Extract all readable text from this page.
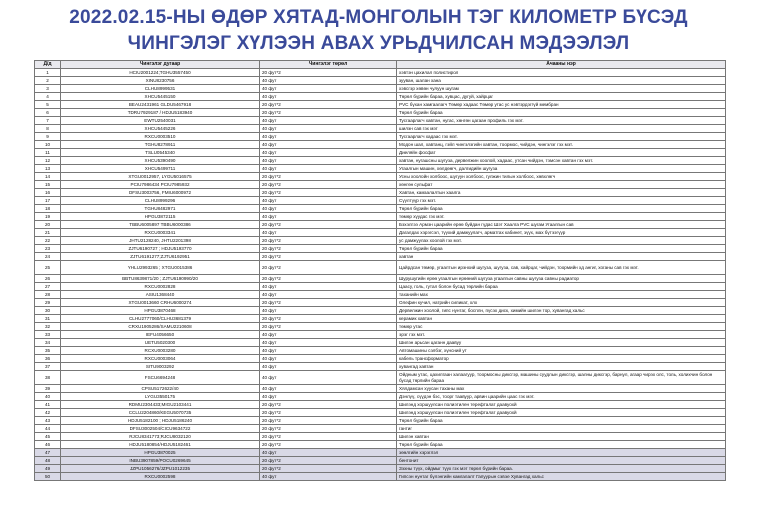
2022.02.15-НЫ ӨДӨР ХЯТАД-МОНГОЛЫН ТЭГ КИЛОМЕТР БҮСЭД
ЧИНГЭЛЭГ ХҮЛЭЭН АВАХ УРЬДЧИЛСАН МЭДЭЭЛЭЛ
Д/д	Чингэлэг дугаар	Чингэлэг төрөл	Ачааны нэр
1	HCIU2001224;TGHU3557450	20 фут*2	хэвтэн цахилал полистирол
2	XINU8230756	40 фут	зууван, шалан хана
3	CLHU8999531	40 фут	хэвсгэр хөвөн чулуун шугам
4	XHCU5445150	40 фут	Төрөл бүрийн бараа, хувцас, дугуй, хайрцаг
5	BEAU2431961 GLDU5467918	20 фут*2	PVC бүхан хамгаалагч Төмөр хадаас Төмөр утас ус нэвтэрдэггүй мембран
6	TDRU7929187 / HDJU5183940	20 фут*2	Төрөл бүрийн бараа
7	EWTU2540031	40 фут	Тусгаарлагч хавтан, нугас, хөнгөн цагаан профиль гэх мэт.
8	XHCU5445226	40 фут	шилэн сав гэх мэт
9	RXCU0003510	40 фут	Тусгаарлагч хадаас гэх мэт.
10	TGHU8278911	40 фут	Модон шал, хавтанц, гэйл чингэлэгийн хавтан, тоормос, чийдэн, чингэлэг гэх мэт.
11	TSLU0545340	40 фут	Диеляйн фосфат
12	XHCU5390490	40 фут	хавтан, нугашсны шугуза, дервелжин хоолой, хадаас, утсан чийдэн, тэмсэн хавтан гэх мэт.
13	XHCU5499711	40 фут	Угаалгын машин, хөлдөөгч, далгидийн шугуза
14	XTGU0012957, LYGU5016575	20 фут*2	Усны хоолойн холбоос, шугуун холбоос, гулжин тилын холбоос, хөвхлөгч
15	PCIU7986434 PCIU7985932	20 фут*2	хөнгөн сульфат
16	DFSU3003756, FMIU6000972	20 фут*2	Хавтан, камзалалтын хаалга
17	CLHU8999296	40 фут	Сүүлтүүр гэх мэт.
18	TGHU8482971	40 фут	Төрөл бүрийн бараа
19	HPGU3872115	40 фут	төмөр хүудас гэх мэт.
20	TBBU6005897 TBBU6000386	20 фут*2	Бэхэлгээ Армэн цаарийн ерөө буйдан гүдас Шэт Хаалга PVC шугам Угаалгын сав
21	RXCU0003341	40 фут	Дагалдах хэрэгсэл, түүхий дамжуулагч, арматгах кабинет, зүүх, мах бүтээгүүр
22	JHTU2128240, JHTU2201398	20 фут*2	ус дамжуулах хоолой гэх мэт.
23	ZJTU6190727 ; HDJU5193770	20 фут*2	Төрөл бүрийн бараа
24	ZJTU6191277;ZJTU6192951	20 фут*2	хавтан
25	YHLU2993265 ; XTGU0015386	20 фут*2	Цайрдсан төмөр, угаалтын ирэнхий шугуза, шугуза, сав, хайрцаг, чийдэн, тоормийн хд ангиг, хоганы сав гэх мэт.
26	BBTU8639871/20 ; ZJTU6190990/20	20 фут*2	Шурушугийн ерөө угаалгын ерөөний шугуза угаалгын савны шугуза савны радиатор
27	RXCU0002828	40 фут	Цаасу, голь, гутал болон бусад төрлийн бараа
28	ASIU1368440	40 фут	таханийн мах
29	XTGU0013660 CRHU6000274	20 фут*2	Олефин кучил, натрийн силикат, хлх
30	HPGU3870468	40 фут	Дервелжин хоолой, гипс нунтаг, босплн, пүсэх диск, химийн шилэн тор, хувангад хальс
31	CLHU2777060/CLHU3681379	20 фут*2	керамик хавтан
32	CRXU1905286/SAMU2210608	20 фут*2	төмөр утас
33	IEFU4056650	40 фут	эрэг гэх мэт.
34	UETU5020300	40 фут	Шилэн арьсан цаганн даавуу
35	RCXU0003280	40 фут	Автомашины сэлбэг, хүнсний ут
36	RXCU0003064	40 фут	кабель трансформатор
37	SITU9003292	40 фут	хувангад хавтан
38	FSCU6694248	40 фут	Ойдным утас, цахилгаан халаагуур, тоормосны диксгэр, машины суудлын диксгэр, шалны диксгэр, барнул, агаар чирэх олс, толь, холихчин болон бусад төрлийн бараа
39	CPSU5172622/40	40 фут	Хялдамсан хуусан таханы мах
40	LYGU3550175	40 фут	Дэнлүү, сүүдэн бэс, тоорг таавуур, арвин цаарийн цаас гэх мэт.
41	RDMU2304433;MIGU2103441	20 фут*2	Шилэнд хоршуулсан полиэтилен терефталат даавуохй
42	CCLU2204860/KEGU5070735	20 фут*2	Шилэнд хоршуулсан полиэтилен терефталат даавуохй
43	HDJU5182100 ; HDJU5186240	20 фут*2	Төрөл бүрийн бараа
44	DFSU3002504/CICU9634722	20 фут*2	гантиг
45	RJCU8341773;RJCU8032120	20 фут*2	Шилэн хавтан
46	HDJU5180854/HDJU5182461	20 фут*2	Төрөл бүрийн бараа
47	HPGU3870025	40 фут	зөөлгийн хэрэглэл
48	INBU3907859/POCU0269645	20 фут*2	бентонит
49	JZPU1056276/JZPU1012235	20 фут*2	Зэхны түүх, ойдмыг түүх гэх мэт төрөл бүрийн бараа.
50	RXCU0002598	40 фут	Гипсэн нунтаг бүлэнгийн камгалалт Гапуурын сэвэе Хувангад хальс
